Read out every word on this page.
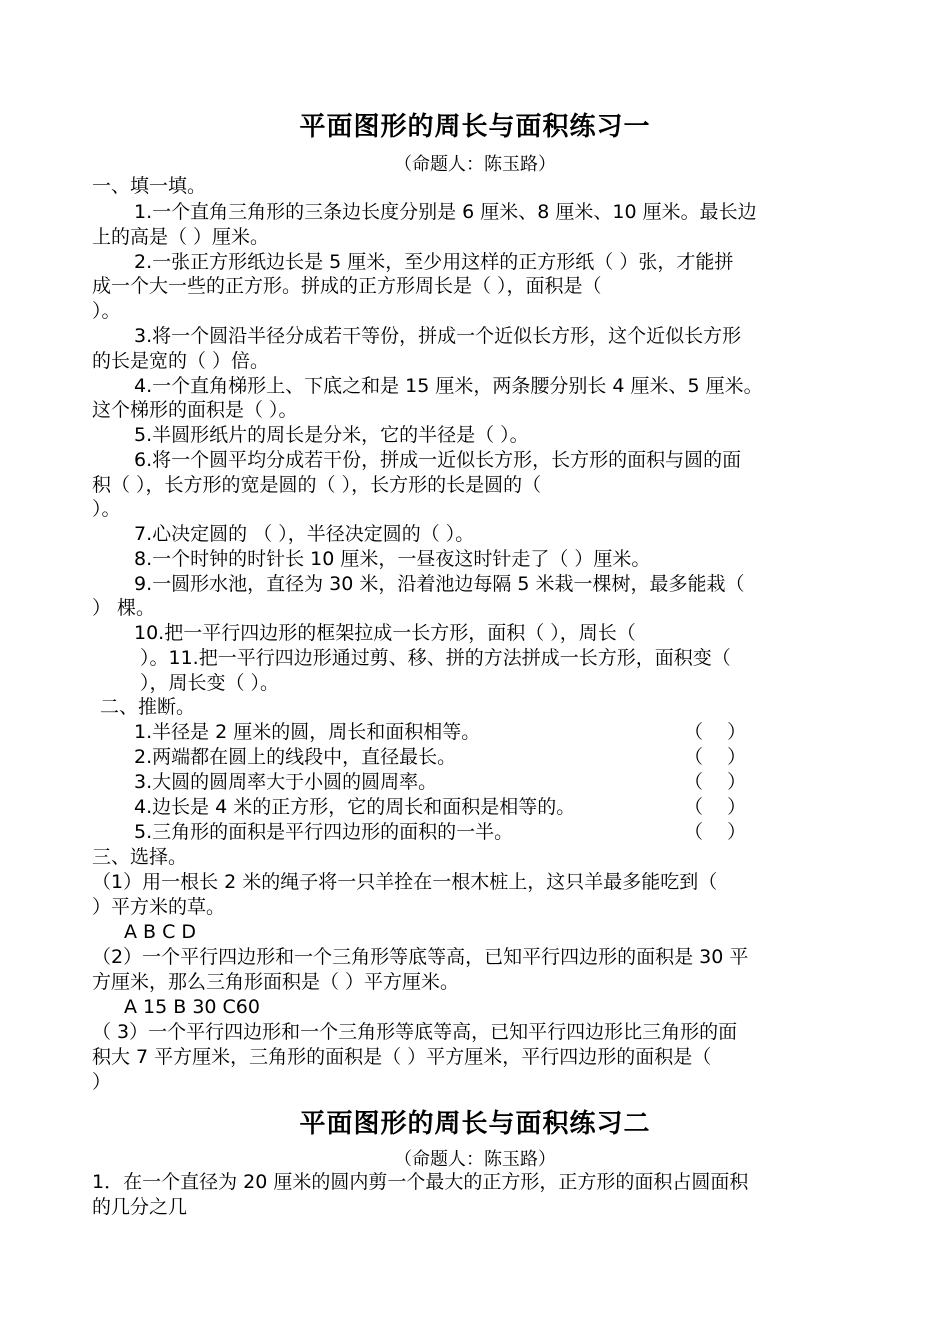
平面图形的周长与面积练习一
（命题人：陈玉路）
一、填一填。
1.一个直角三角形的三条边长度分别是 6 厘米、8 厘米、10 厘米。最长边
上的高是（ ）厘米。
2.一张正方形纸边长是 5 厘米，至少用这样的正方形纸（ ）张，才能拼
成一个大一些的正方形。拼成的正方形周长是（ ），面积是（
）。
3.将一个圆沿半径分成若干等份，拼成一个近似长方形，这个近似长方形
的长是宽的（ ）倍。
4.一个直角梯形上、下底之和是 15 厘米，两条腰分别长 4 厘米、5 厘米。
这个梯形的面积是（ ）。
5.半圆形纸片的周长是分米，它的半径是（ ）。
6.将一个圆平均分成若干份，拼成一近似长方形，长方形的面积与圆的面
积（ ），长方形的宽是圆的（ ），长方形的长是圆的（
）。
7.心决定圆的 （ ），半径决定圆的（ ）。
8.一个时钟的时针长 10 厘米，一昼夜这时针走了（ ）厘米。
9.一圆形水池，直径为 30 米，沿着池边每隔 5 米栽一棵树，最多能栽（
） 棵。
10.把一平行四边形的框架拉成一长方形，面积（ ），周长（
）。11.把一平行四边形通过剪、移、拼的方法拼成一长方形，面积变（
），周长变（ ）。
二、推断。
1.半径是 2 厘米的圆，周长和面积相等。	（    ）
2.两端都在圆上的线段中，直径最长。	（    ）
3.大圆的圆周率大于小圆的圆周率。	（    ）
4.边长是 4 米的正方形，它的周长和面积是相等的。	（    ）
5.三角形的面积是平行四边形的面积的一半。	（    ）
三、选择。
（1）用一根长 2 米的绳子将一只羊拴在一根木桩上，这只羊最多能吃到（
）平方米的草。
A B C D
（2）一个平行四边形和一个三角形等底等高，已知平行四边形的面积是 30 平
方厘米，那么三角形面积是（ ）平方厘米。
A 15 B 30 C60
（ 3）一个平行四边形和一个三角形等底等高，已知平行四边形比三角形的面
积大 7 平方厘米，三角形的面积是（ ）平方厘米，平行四边形的面积是（
）
平面图形的周长与面积练习二
（命题人：陈玉路）
1．在一个直径为 20 厘米的圆内剪一个最大的正方形，正方形的面积占圆面积
的几分之几
